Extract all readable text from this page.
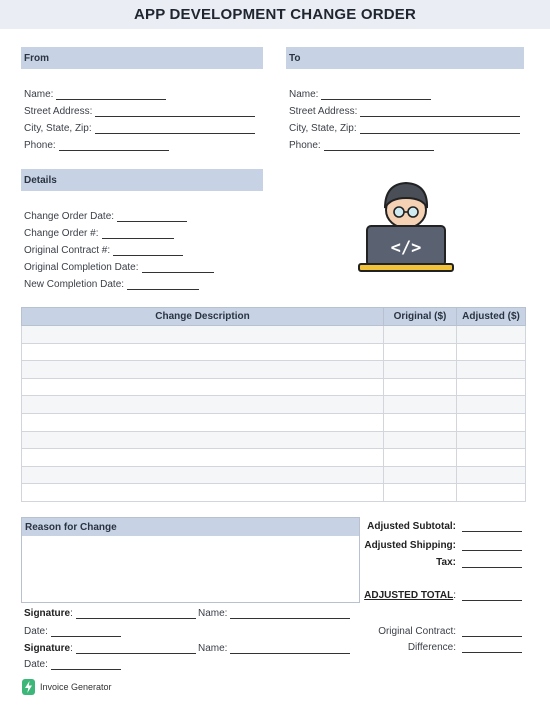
APP DEVELOPMENT CHANGE ORDER
From
Name:
Street Address:
City, State, Zip:
Phone:
To
Name:
Street Address:
City, State, Zip:
Phone:
Details
Change Order Date:
Change Order #:
Original Contract #:
Original Completion Date:
New Completion Date:
</>
Change Description	Original ($)	Adjusted ($)

Reason for Change	Adjusted Subtotal:
Adjusted Shipping:
Tax:
ADJUSTED TOTAL:
Original Contract:
Difference:
Signature :	Name:
Date:
Signature :	Name:
Date:
Invoice Generator
